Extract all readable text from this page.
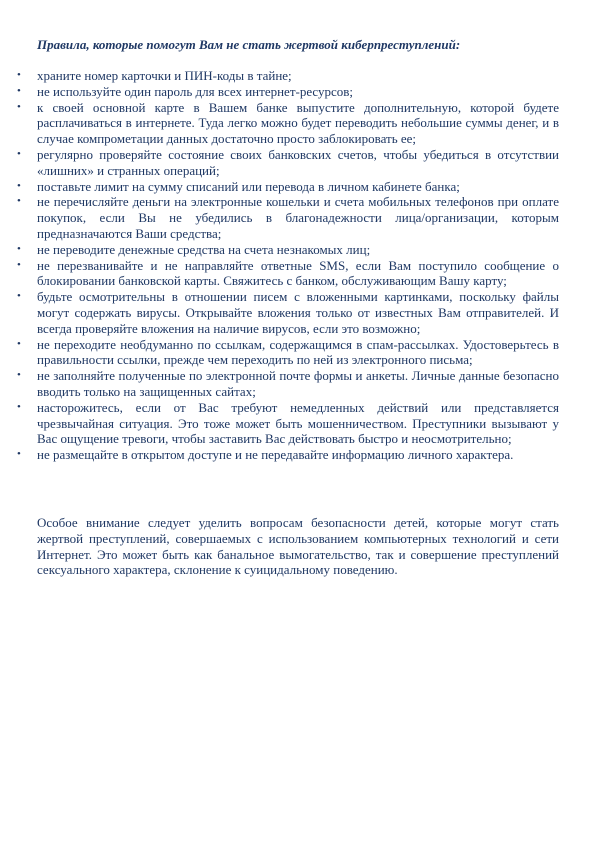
Правила, которые помогут Вам не стать жертвой киберпреступлений:
•	храните номер карточки и ПИН-коды в тайне;
•	не используйте один пароль для всех интернет-ресурсов;
•	к своей основной карте в Вашем банке выпустите дополнительную, которой будете расплачиваться в интернете. Туда легко можно будет переводить небольшие суммы денег, и в случае компрометации данных достаточно просто заблокировать ее;
•	регулярно проверяйте состояние своих банковских счетов, чтобы убедиться в отсутствии «лишних» и странных операций;
•	поставьте лимит на сумму списаний или перевода в личном кабинете банка;
•	не перечисляйте деньги на электронные кошельки и счета мобильных телефонов при оплате покупок, если Вы не убедились в благонадежности лица/организации, которым предназначаются Ваши средства;
•	не переводите денежные средства на счета незнакомых лиц;
•	не перезванивайте и не направляйте ответные SMS, если Вам поступило сообщение о блокировании банковской карты. Свяжитесь с банком, обслуживающим Вашу карту;
•	будьте осмотрительны в отношении писем с вложенными картинками, поскольку файлы могут содержать вирусы. Открывайте вложения только от известных Вам отправителей. И всегда проверяйте вложения на наличие вирусов, если это возможно;
•	не переходите необдуманно по ссылкам, содержащимся в спам-рассылках. Удостоверьтесь в правильности ссылки, прежде чем переходить по ней из электронного письма;
•	не заполняйте полученные по электронной почте формы и анкеты. Личные данные безопасно вводить только на защищенных сайтах;
•	насторожитесь, если от Вас требуют немедленных действий или представляется чрезвычайная ситуация. Это тоже может быть мошенничеством. Преступники вызывают у Вас ощущение тревоги, чтобы заставить Вас действовать быстро и неосмотрительно;
•	не размещайте в открытом доступе и не передавайте информацию личного характера.

Особое внимание следует уделить вопросам безопасности детей, которые могут стать жертвой преступлений, совершаемых с использованием компьютерных технологий и сети Интернет. Это может быть как банальное вымогательство, так и совершение преступлений сексуального характера, склонение к суицидальному поведению.
